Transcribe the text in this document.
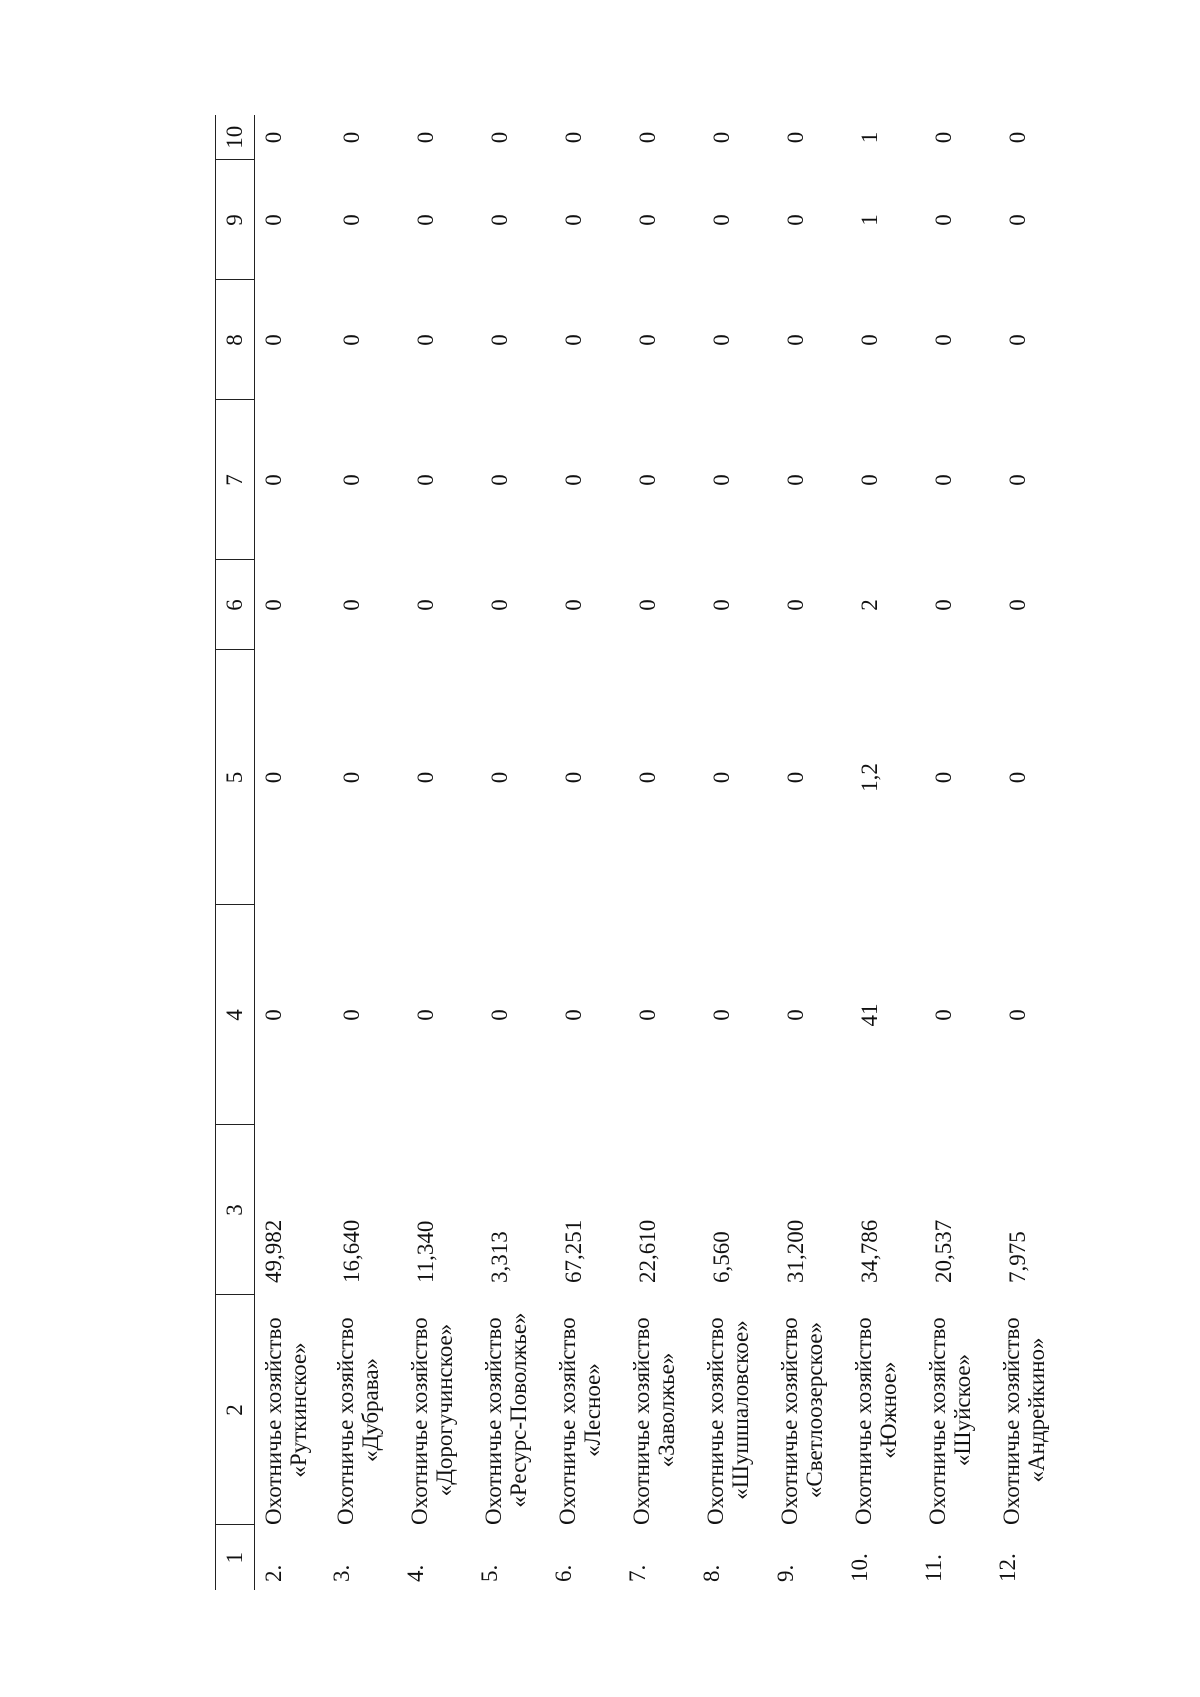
1	2	3	4	5	6	7	8	9	10
2.	Охотничье хозяйство «Руткинское»	49,982	0	0	0	0	0	0	0
3.	Охотничье хозяйство «Дубрава»	16,640	0	0	0	0	0	0	0
4.	Охотничье хозяйство «Дорогучинское»	11,340	0	0	0	0	0	0	0
5.	Охотничье хозяйство «Ресурс-Поволжье»	3,313	0	0	0	0	0	0	0
6.	Охотничье хозяйство «Лесное»	67,251	0	0	0	0	0	0	0
7.	Охотничье хозяйство «Заволжье»	22,610	0	0	0	0	0	0	0
8.	Охотничье хозяйство «Шушшаловское»	6,560	0	0	0	0	0	0	0
9.	Охотничье хозяйство «Светлоозерское»	31,200	0	0	0	0	0	0	0
10.	Охотничье хозяйство «Южное»	34,786	41	1,2	2	0	0	1	1
11.	Охотничье хозяйство «Шуйское»	20,537	0	0	0	0	0	0	0
12.	Охотничье хозяйство «Андрейкино»	7,975	0	0	0	0	0	0	0
